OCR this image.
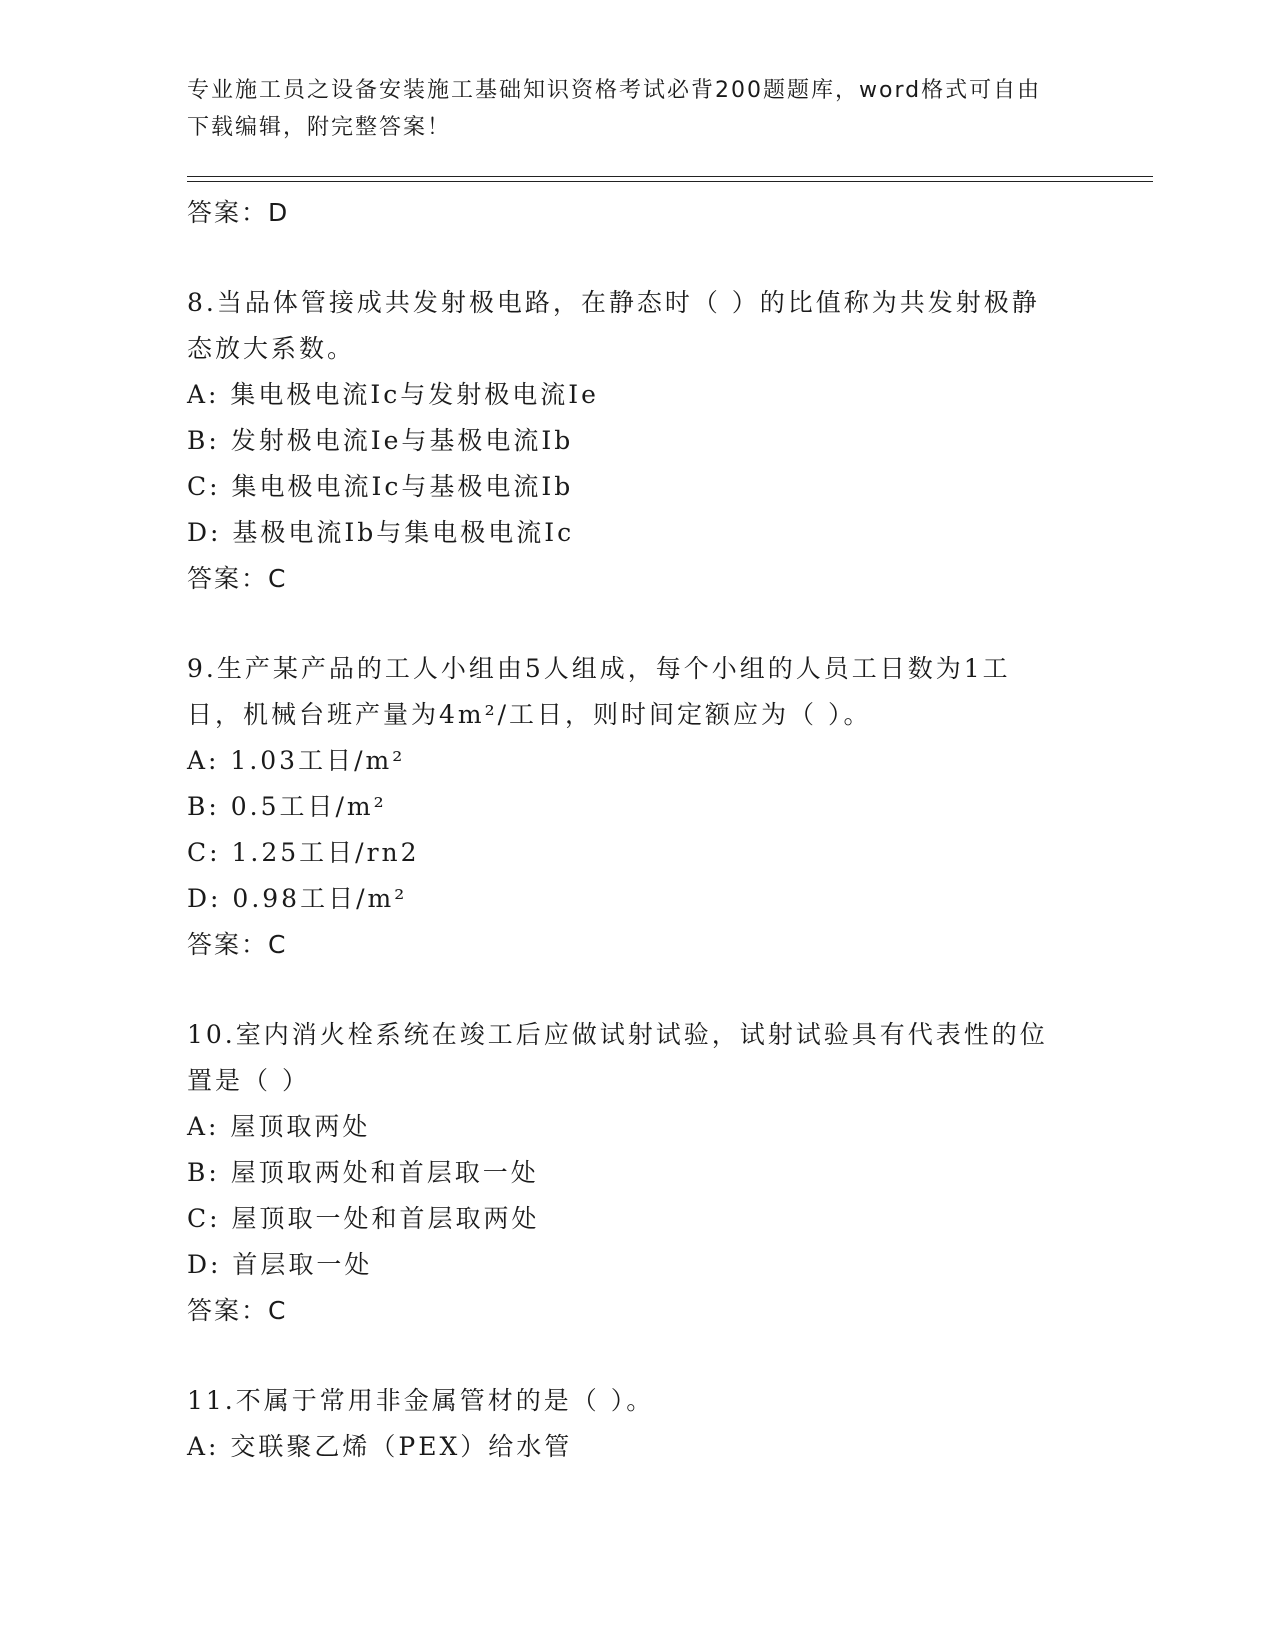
专业施工员之设备安装施工基础知识资格考试必背200题题库，word格式可自由
下载编辑，附完整答案！
答案：D
8.当品体管接成共发射极电路，在静态时（ ）的比值称为共发射极静
态放大系数。
A: 集电极电流Ic与发射极电流Ie
B: 发射极电流Ie与基极电流Ib
C: 集电极电流Ic与基极电流Ib
D: 基极电流Ib与集电极电流Ic
答案：C
9.生产某产品的工人小组由5人组成，每个小组的人员工日数为1工
日，机械台班产量为4m²/工日，则时间定额应为（ ）。
A: 1.03工日/m²
B: 0.5工日/m²
C: 1.25工日/rn2
D: 0.98工日/m²
答案：C
10.室内消火栓系统在竣工后应做试射试验，试射试验具有代表性的位
置是（ ）
A: 屋顶取两处
B: 屋顶取两处和首层取一处
C: 屋顶取一处和首层取两处
D: 首层取一处
答案：C
11.不属于常用非金属管材的是（ ）。
A: 交联聚乙烯（PEX）给水管
